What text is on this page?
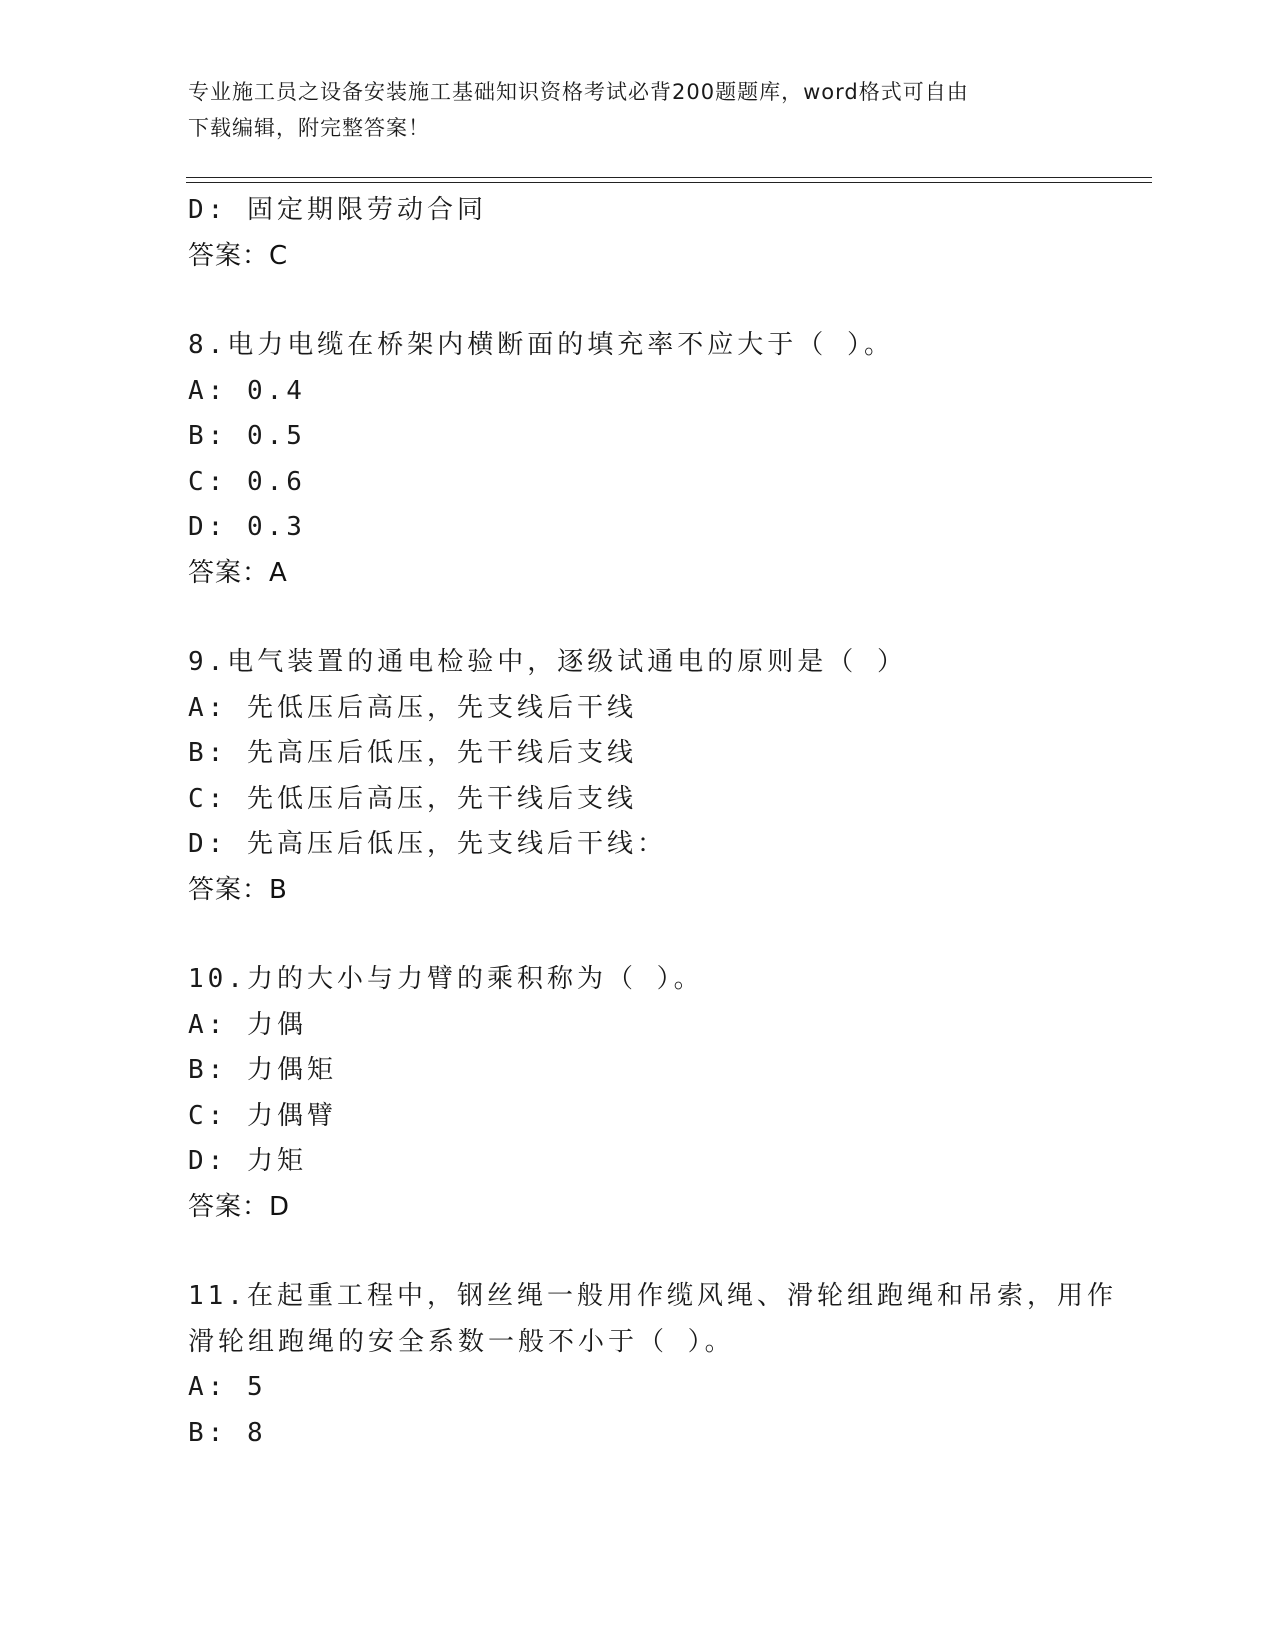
专业施工员之设备安装施工基础知识资格考试必背200题题库，word格式可自由
下载编辑，附完整答案！
D: 固定期限劳动合同
答案：C
8.电力电缆在桥架内横断面的填充率不应大于（ ）。
A: 0.4
B: 0.5
C: 0.6
D: 0.3
答案：A
9.电气装置的通电检验中，逐级试通电的原则是（ ）
A: 先低压后高压，先支线后干线
B: 先高压后低压，先干线后支线
C: 先低压后高压，先干线后支线
D: 先高压后低压，先支线后干线：
答案：B
10.力的大小与力臂的乘积称为（ ）。
A: 力偶
B: 力偶矩
C: 力偶臂
D: 力矩
答案：D
11.在起重工程中，钢丝绳一般用作缆风绳、滑轮组跑绳和吊索，用作
滑轮组跑绳的安全系数一般不小于（ ）。
A: 5
B: 8
